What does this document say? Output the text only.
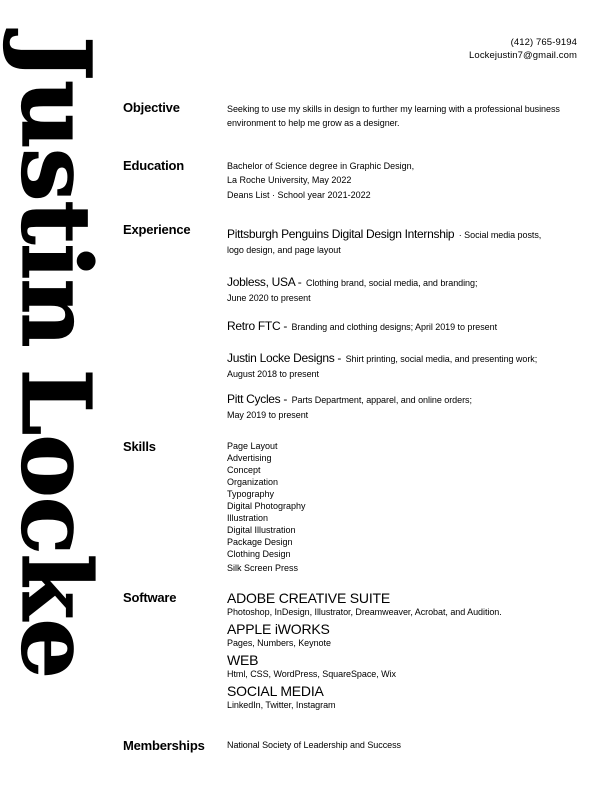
Justin Locke	(412) 765-9194
Lockejustin7@gmail.com
Objective	Seeking to use my skills in design to further my learning with a professional business environment to help me grow as a designer.
Education	Bachelor of Science degree in Graphic Design,
La Roche University, May 2022
Deans List · School year 2021-2022
Experience	Pittsburgh Penguins Digital Design Internship · Social media posts,
logo design, and page layout
Jobless, USA - Clothing brand, social media, and branding;
June 2020 to present
Retro FTC - Branding and clothing designs; April 2019 to present
Justin Locke Designs - Shirt printing, social media, and presenting work;
August 2018 to present
Pitt Cycles - Parts Department, apparel, and online orders;
May 2019 to present
Skills	Page Layout
Advertising
Concept
Organization
Typography
Digital Photography
Illustration
Digital Illustration
Package Design
Clothing Design
Silk Screen Press
Software	ADOBE CREATIVE SUITE
Photoshop, InDesign, Illustrator, Dreamweaver, Acrobat, and Audition.
APPLE iWORKS
Pages, Numbers, Keynote
WEB
Html, CSS, WordPress, SquareSpace, Wix
SOCIAL MEDIA
LinkedIn, Twitter, Instagram
Memberships National Society of Leadership and Success
